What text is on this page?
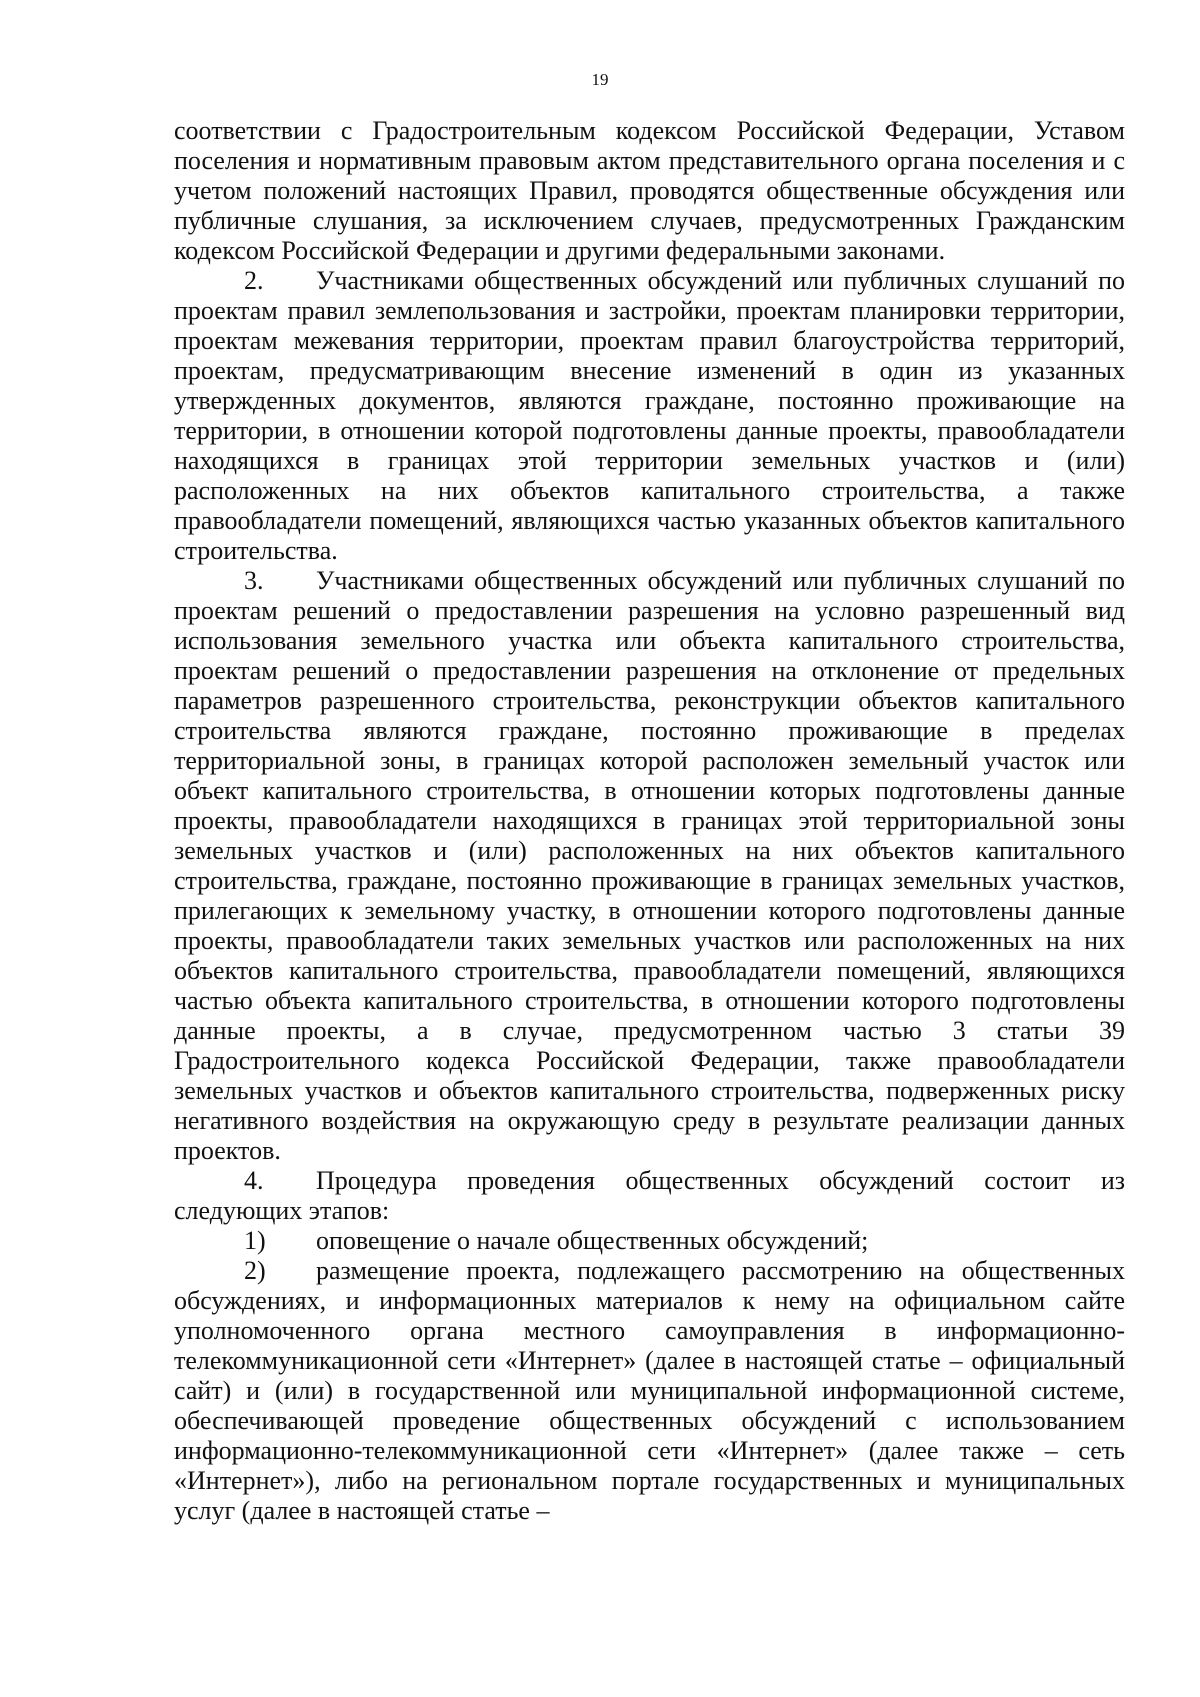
19

соответствии с Градостроительным кодексом Российской Федерации, Уставом поселения и нормативным правовым актом представительного органа поселения и с учетом положений настоящих Правил, проводятся общественные обсуждения или публичные слушания, за исключением случаев, предусмотренных Гражданским кодексом Российской Федерации и другими федеральными законами.

2. Участниками общественных обсуждений или публичных слушаний по проектам правил землепользования и застройки, проектам планировки территории, проектам межевания территории, проектам правил благоустройства территорий, проектам, предусматривающим внесение изменений в один из указанных утвержденных документов, являются граждане, постоянно проживающие на территории, в отношении которой подготовлены данные проекты, правообладатели находящихся в границах этой территории земельных участков и (или) расположенных на них объектов капитального строительства, а также правообладатели помещений, являющихся частью указанных объектов капитального строительства.

3. Участниками общественных обсуждений или публичных слушаний по проектам решений о предоставлении разрешения на условно разрешенный вид использования земельного участка или объекта капитального строительства, проектам решений о предоставлении разрешения на отклонение от предельных параметров разрешенного строительства, реконструкции объектов капитального строительства являются граждане, постоянно проживающие в пределах территориальной зоны, в границах которой расположен земельный участок или объект капитального строительства, в отношении которых подготовлены данные проекты, правообладатели находящихся в границах этой территориальной зоны земельных участков и (или) расположенных на них объектов капитального строительства, граждане, постоянно проживающие в границах земельных участков, прилегающих к земельному участку, в отношении которого подготовлены данные проекты, правообладатели таких земельных участков или расположенных на них объектов капитального строительства, правообладатели помещений, являющихся частью объекта капитального строительства, в отношении которого подготовлены данные проекты, а в случае, предусмотренном частью 3 статьи 39 Градостроительного кодекса Российской Федерации, также правообладатели земельных участков и объектов капитального строительства, подверженных риску негативного воздействия на окружающую среду в результате реализации данных проектов.

4. Процедура проведения общественных обсуждений состоит из следующих этапов:

1) оповещение о начале общественных обсуждений;

2) размещение проекта, подлежащего рассмотрению на общественных обсуждениях, и информационных материалов к нему на официальном сайте уполномоченного органа местного самоуправления в информационно-телекоммуникационной сети «Интернет» (далее в настоящей статье – официальный сайт) и (или) в государственной или муниципальной информационной системе, обеспечивающей проведение общественных обсуждений с использованием информационно-телекоммуникационной сети «Интернет» (далее также – сеть «Интернет»), либо на региональном портале государственных и муниципальных услуг (далее в настоящей статье –
